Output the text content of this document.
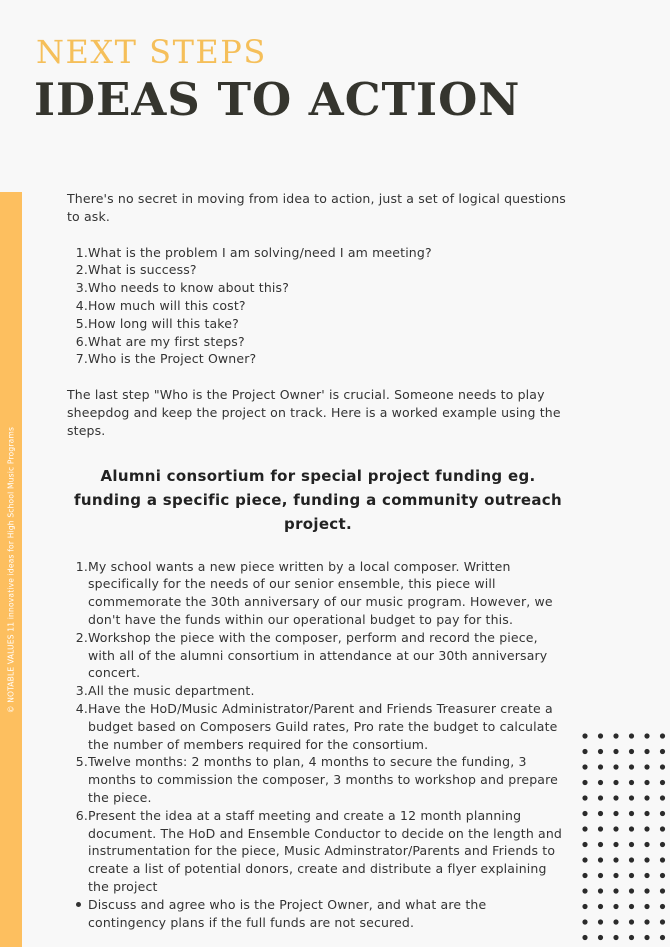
NEXT STEPS
IDEAS TO ACTION
© NOTABLE VALUES 11 innovative ideas for High School Music Programs

There's no secret in moving from idea to action, just a set of logical questions to ask.

1. What is the problem I am solving/need I am meeting?
2. What is success?
3. Who needs to know about this?
4. How much will this cost?
5. How long will this take?
6. What are my first steps?
7. Who is the Project Owner?

The last step "Who is the Project Owner' is crucial. Someone needs to play sheepdog and keep the project on track. Here is a worked example using the steps.

Alumni consortium for special project funding eg. funding a specific piece, funding a community outreach project.
1. My school wants a new piece written by a local composer. Written specifically for the needs of our senior ensemble, this piece will commemorate the 30th anniversary of our music program. However, we don't have the funds within our operational budget to pay for this.
2. Workshop the piece with the composer, perform and record the piece, with all of the alumni consortium in attendance at our 30th anniversary concert.
3. All the music department.
4. Have the HoD/Music Administrator/Parent and Friends Treasurer create a budget based on Composers Guild rates, Pro rate the budget to calculate the number of members required for the consortium.
5. Twelve months: 2 months to plan, 4 months to secure the funding, 3 months to commission the composer, 3 months to workshop and prepare the piece.
6. Present the idea at a staff meeting and create a 12 month planning document. The HoD and Ensemble Conductor to decide on the length and instrumentation for the piece, Music Adminstrator/Parents and Friends to create a list of potential donors, create and distribute a flyer explaining the project
Discuss and agree who is the Project Owner, and what are the contingency plans if the full funds are not secured.
